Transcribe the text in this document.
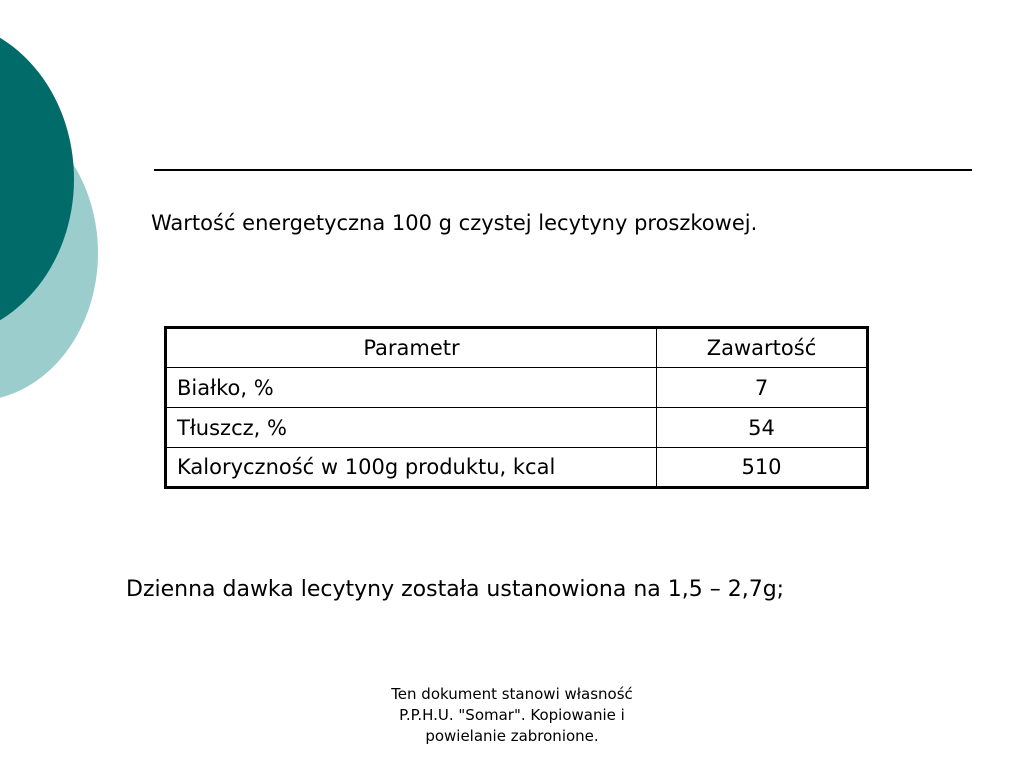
Wartość energetyczna 100 g czystej lecytyny proszkowej.
Parametr	Zawartość
Białko, %	7
Tłuszcz, %	54
Kaloryczność w 100g produktu, kcal	510
Dzienna dawka lecytyny została ustanowiona na 1,5 – 2,7g;
Ten dokument stanowi własność
P.P.H.U. "Somar". Kopiowanie i
powielanie zabronione.
